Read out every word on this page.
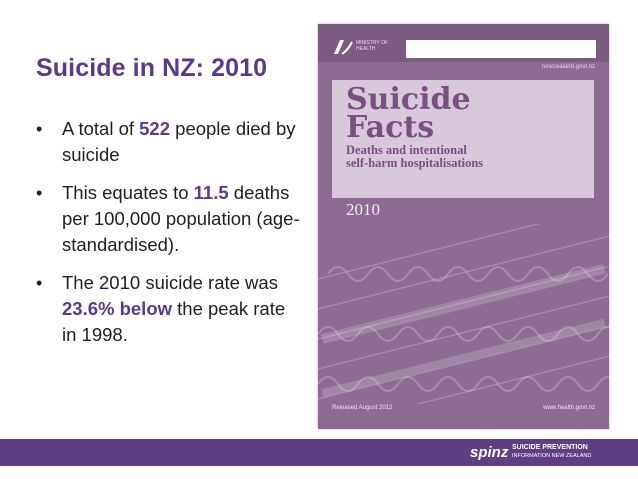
Suicide in NZ: 2010
• A total of 522 people died by suicide
• This equates to 11.5 deaths per 100,000 population (age-standardised).
• The 2010 suicide rate was 23.6% below the peak rate in 1998.
MINISTRY OF
HEALTH
newzealand.govt.nz
Suicide
Facts
Deaths and intentional
self-harm hospitalisations
2010
Released August 2012	www.health.govt.nz
spinz SUICIDE PREVENTION
INFORMATION NEW ZEALAND
